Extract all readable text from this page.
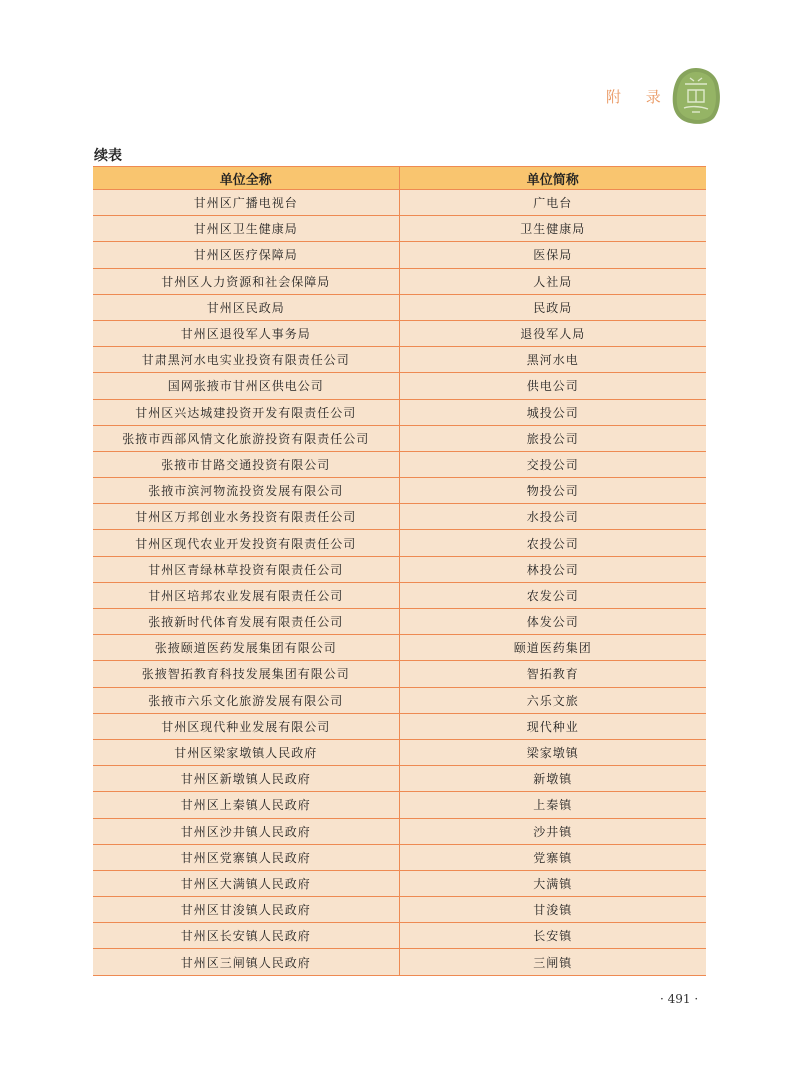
附 录
续表
单位全称	单位简称
甘州区广播电视台	广电台
甘州区卫生健康局	卫生健康局
甘州区医疗保障局	医保局
甘州区人力资源和社会保障局	人社局
甘州区民政局	民政局
甘州区退役军人事务局	退役军人局
甘肃黑河水电实业投资有限责任公司	黑河水电
国网张掖市甘州区供电公司	供电公司
甘州区兴达城建投资开发有限责任公司	城投公司
张掖市西部风情文化旅游投资有限责任公司	旅投公司
张掖市甘路交通投资有限公司	交投公司
张掖市滨河物流投资发展有限公司	物投公司
甘州区万邦创业水务投资有限责任公司	水投公司
甘州区现代农业开发投资有限责任公司	农投公司
甘州区青绿林草投资有限责任公司	林投公司
甘州区培邦农业发展有限责任公司	农发公司
张掖新时代体育发展有限责任公司	体发公司
张掖颐道医药发展集团有限公司	颐道医药集团
张掖智拓教育科技发展集团有限公司	智拓教育
张掖市六乐文化旅游发展有限公司	六乐文旅
甘州区现代种业发展有限公司	现代种业
甘州区梁家墩镇人民政府	梁家墩镇
甘州区新墩镇人民政府	新墩镇
甘州区上秦镇人民政府	上秦镇
甘州区沙井镇人民政府	沙井镇
甘州区党寨镇人民政府	党寨镇
甘州区大满镇人民政府	大满镇
甘州区甘浚镇人民政府	甘浚镇
甘州区长安镇人民政府	长安镇
甘州区三闸镇人民政府	三闸镇
· 491 ·
